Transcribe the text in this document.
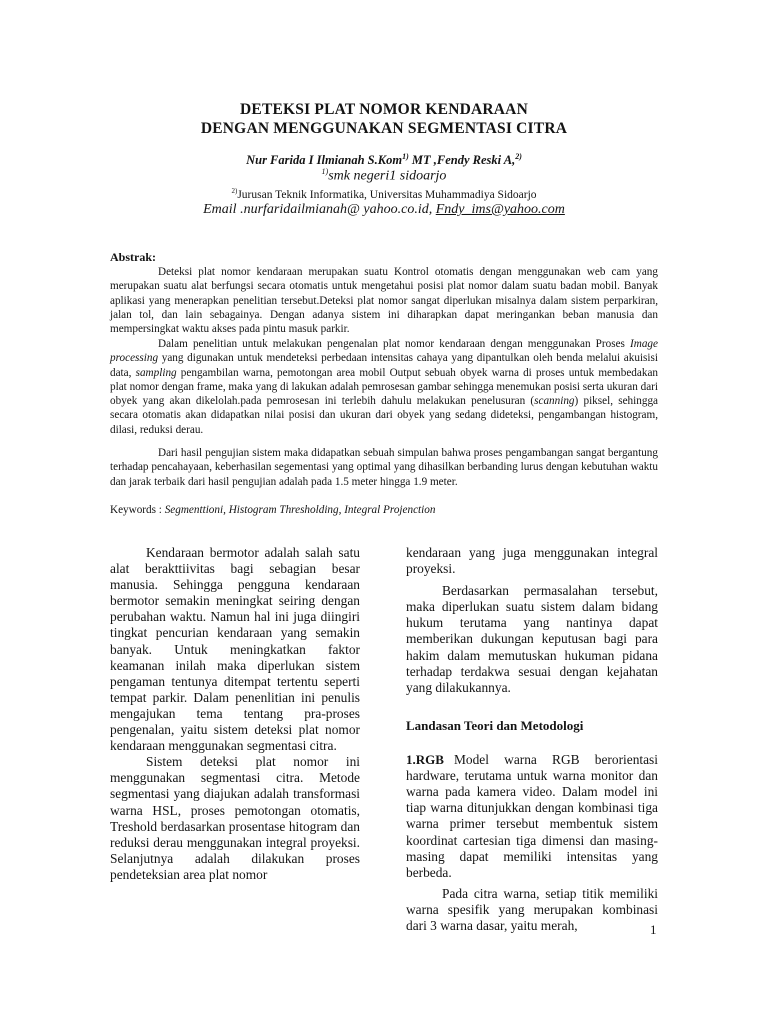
DETEKSI PLAT NOMOR KENDARAAN
DENGAN MENGGUNAKAN SEGMENTASI CITRA
Nur Farida I Ilmianah S.Kom$^{1)}$ MT ,Fendy Reski A,$^{2)}$
$^{1)}$smk negeri1 sidoarjo
$^{2)}$Jurusan Teknik Informatika, Universitas Muhammadiya Sidoarjo
Email .nurfaridailmianah@ yahoo.co.id, Fndy_ims@yahoo.com
Abstrak:

Deteksi plat nomor kendaraan merupakan suatu Kontrol otomatis dengan menggunakan web cam yang merupakan suatu alat berfungsi secara otomatis untuk mengetahui posisi plat nomor dalam suatu badan mobil. Banyak aplikasi yang menerapkan penelitian tersebut.Deteksi plat nomor sangat diperlukan misalnya dalam sistem perparkiran, jalan tol, dan lain sebagainya. Dengan adanya sistem ini diharapkan dapat meringankan beban manusia dan mempersingkat waktu akses pada pintu masuk parkir.

Dalam penelitian untuk melakukan pengenalan plat nomor kendaraan dengan menggunakan Proses Image processing yang digunakan untuk mendeteksi perbedaan intensitas cahaya yang dipantulkan oleh benda melalui akuisisi data, sampling pengambilan warna, pemotongan area mobil Output sebuah obyek warna di proses untuk membedakan plat nomor dengan frame, maka yang di lakukan adalah pemrosesan gambar sehingga menemukan posisi serta ukuran dari obyek yang akan dikelolah.pada pemrosesan ini terlebih dahulu melakukan penelusuran (scanning) piksel, sehingga secara otomatis akan didapatkan nilai posisi dan ukuran dari obyek yang sedang dideteksi, pengambangan histogram, dilasi, reduksi derau.

Dari hasil pengujian sistem maka didapatkan sebuah simpulan bahwa proses pengambangan sangat bergantung terhadap pencahayaan, keberhasilan segementasi yang optimal yang dihasilkan berbanding lurus dengan kebutuhan waktu dan jarak terbaik dari hasil pengujian adalah pada 1.5 meter hingga 1.9 meter.

Keywords : Segmenttioni, Histogram Thresholding, Integral Projenction

Kendaraan bermotor adalah salah satu alat berakttiivitas bagi sebagian besar manusia. Sehingga pengguna kendaraan bermotor semakin meningkat seiring dengan perubahan waktu. Namun hal ini juga diingiri tingkat pencurian kendaraan yang semakin banyak. Untuk meningkatkan faktor keamanan inilah maka diperlukan sistem pengaman tentunya ditempat tertentu seperti tempat parkir. Dalam penenlitian ini penulis mengajukan tema tentang pra-proses pengenalan, yaitu sistem deteksi plat nomor kendaraan menggunakan segmentasi citra.

Sistem deteksi plat nomor ini menggunakan segmentasi citra. Metode segmentasi yang diajukan adalah transformasi warna HSL, proses pemotongan otomatis, Treshold berdasarkan prosentase hitogram dan reduksi derau menggunakan integral proyeksi. Selanjutnya adalah dilakukan proses pendeteksian area plat nomor

kendaraan yang juga menggunakan integral proyeksi.

Berdasarkan permasalahan tersebut, maka diperlukan suatu sistem dalam bidang hukum terutama yang nantinya dapat memberikan dukungan keputusan bagi para hakim dalam memutuskan hukuman pidana terhadap terdakwa sesuai dengan kejahatan yang dilakukannya.

Landasan Teori dan Metodologi

1.RGB Model warna RGB berorientasi hardware, terutama untuk warna monitor dan warna pada kamera video. Dalam model ini tiap warna ditunjukkan dengan kombinasi tiga warna primer tersebut membentuk sistem koordinat cartesian tiga dimensi dan masing-masing dapat memiliki intensitas yang berbeda.

Pada citra warna, setiap titik memiliki warna spesifik yang merupakan kombinasi dari 3 warna dasar, yaitu merah,	1
